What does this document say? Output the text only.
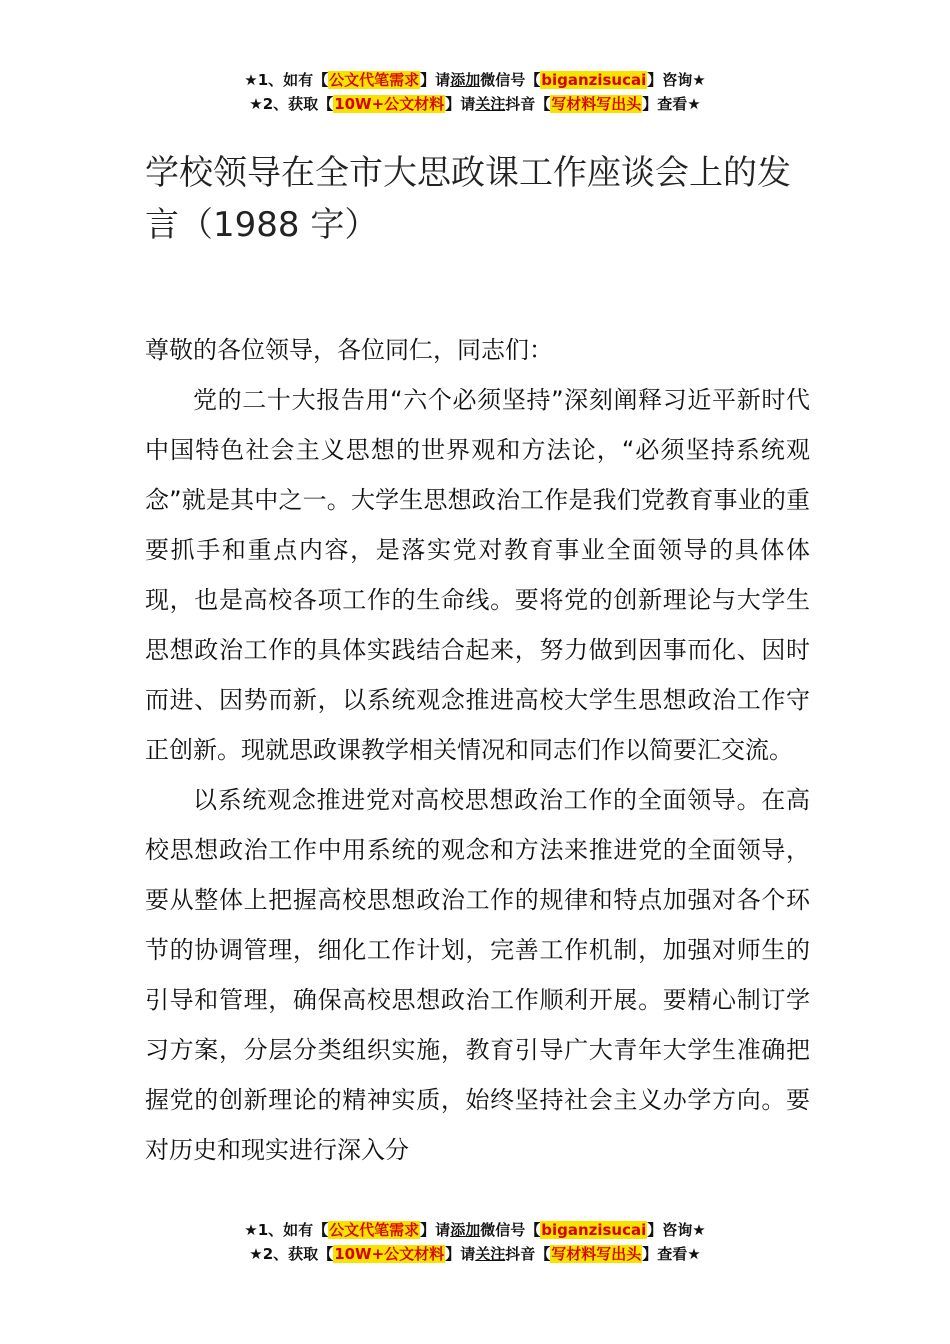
★1、如有【公文代笔需求】请添加微信号【biganzisucai】咨询★
★2、获取【10W+公文材料】请关注抖音【写材料写出头】查看★
学校领导在全市大思政课工作座谈会上的发言（1988 字）

尊敬的各位领导，各位同仁，同志们：

党的二十大报告用“六个必须坚持”深刻阐释习近平新时代中国特色社会主义思想的世界观和方法论，“必须坚持系统观念”就是其中之一。大学生思想政治工作是我们党教育事业的重要抓手和重点内容，是落实党对教育事业全面领导的具体体现，也是高校各项工作的生命线。要将党的创新理论与大学生思想政治工作的具体实践结合起来，努力做到因事而化、因时而进、因势而新，以系统观念推进高校大学生思想政治工作守正创新。现就思政课教学相关情况和同志们作以简要汇交流。

以系统观念推进党对高校思想政治工作的全面领导。在高校思想政治工作中用系统的观念和方法来推进党的全面领导，要从整体上把握高校思想政治工作的规律和特点加强对各个环节的协调管理，细化工作计划，完善工作机制，加强对师生的引导和管理，确保高校思想政治工作顺利开展。要精心制订学习方案，分层分类组织实施，教育引导广大青年大学生准确把握党的创新理论的精神实质，始终坚持社会主义办学方向。要对历史和现实进行深入分

★1、如有【公文代笔需求】请添加微信号【biganzisucai】咨询★
★2、获取【10W+公文材料】请关注抖音【写材料写出头】查看★
